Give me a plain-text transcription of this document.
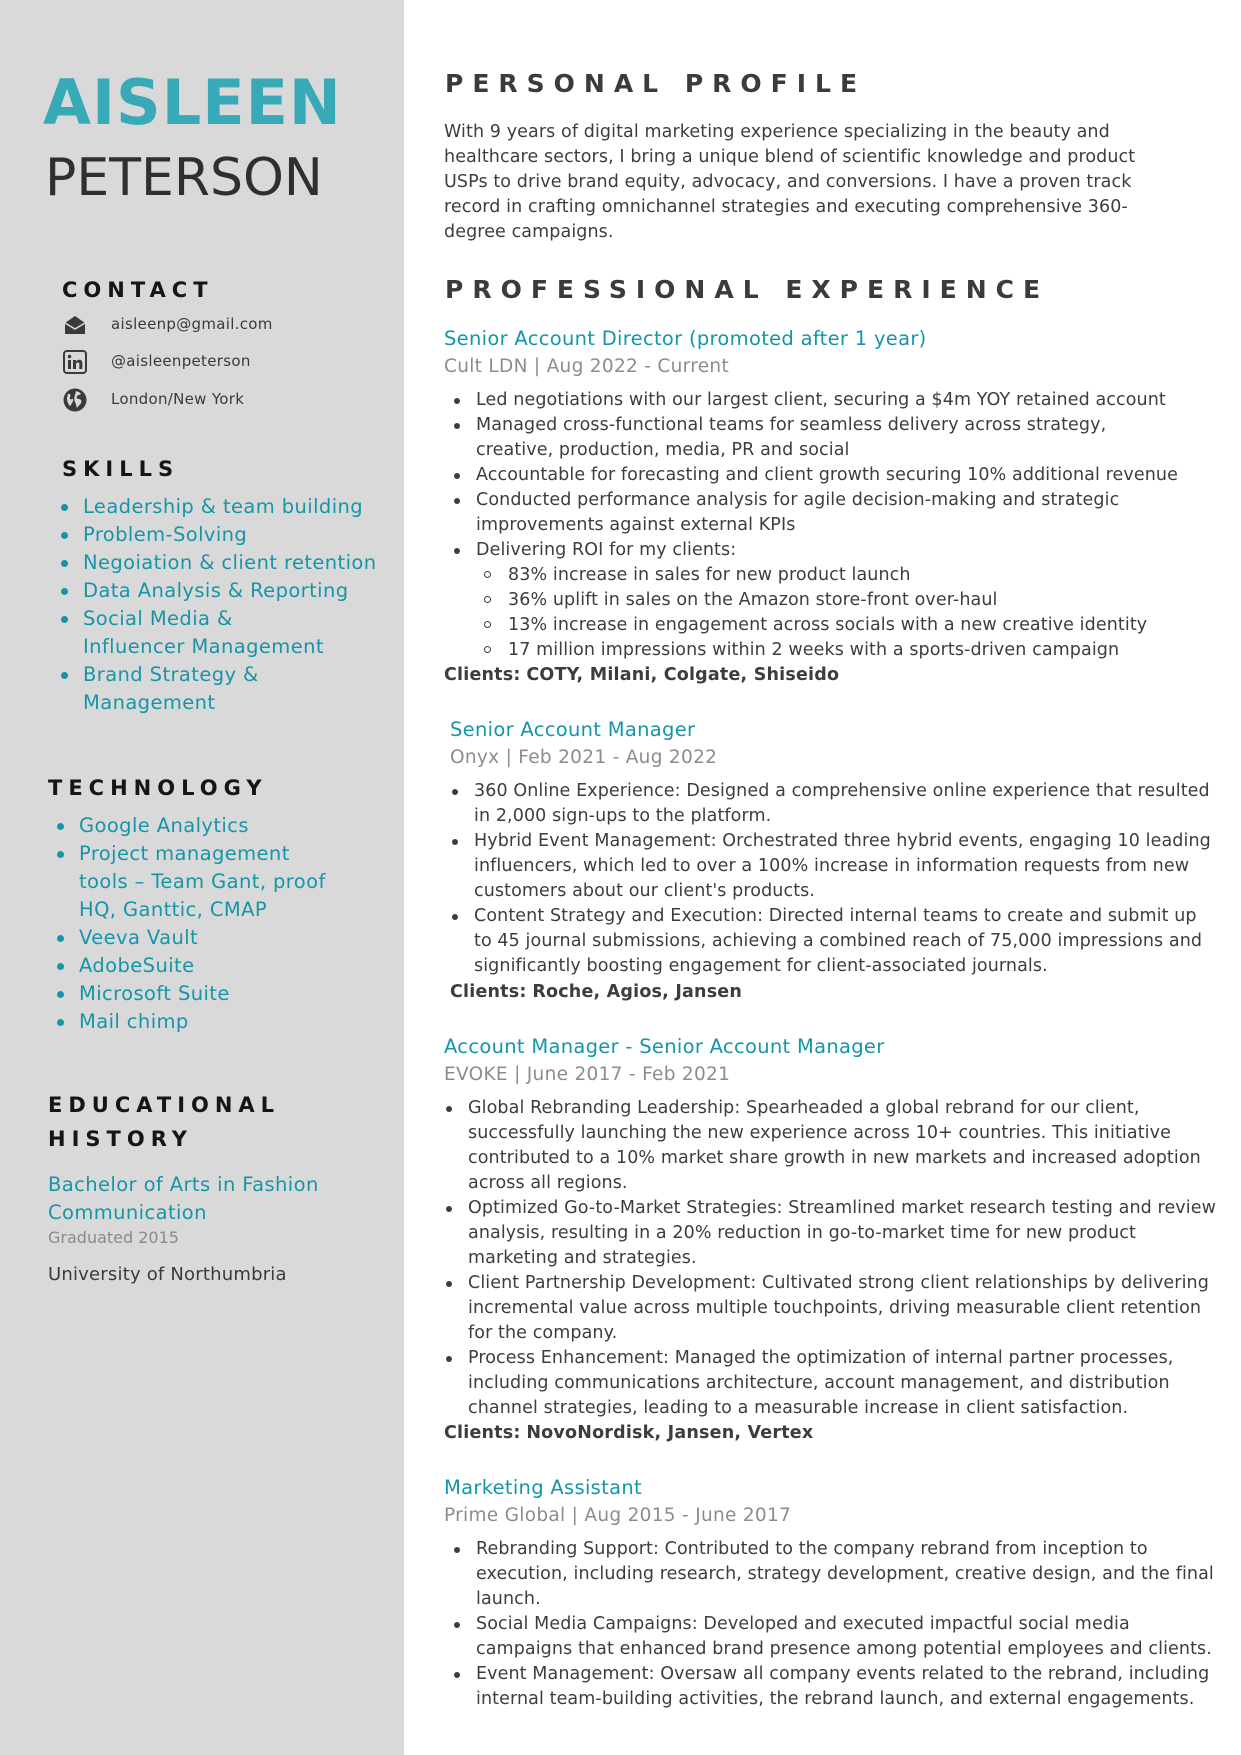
AISLEEN
PETERSON
CONTACT
aisleenp@gmail.com
@aisleenpeterson
London/New York
SKILLS
Leadership & team building
Problem-Solving
Negoiation & client retention
Data Analysis & Reporting
Social Media & Influencer Management
Brand Strategy & Management
TECHNOLOGY
Google Analytics
Project management tools – Team Gant, proof HQ, Ganttic, CMAP
Veeva Vault
AdobeSuite
Microsoft Suite
Mail chimp
EDUCATIONAL
HISTORY
Bachelor of Arts in Fashion Communication
Graduated 2015
University of Northumbria
PERSONAL PROFILE
With 9 years of digital marketing experience specializing in the beauty and healthcare sectors, I bring a unique blend of scientific knowledge and product USPs to drive brand equity, advocacy, and conversions. I have a proven track record in crafting omnichannel strategies and executing comprehensive 360-degree campaigns.
PROFESSIONAL EXPERIENCE
Senior Account Director (promoted after 1 year)
Cult LDN | Aug 2022 - Current
Led negotiations with our largest client, securing a $4m YOY retained account
Managed cross-functional teams for seamless delivery across strategy, creative, production, media, PR and social
Accountable for forecasting and client growth securing 10% additional revenue
Conducted performance analysis for agile decision-making and strategic improvements against external KPIs
Delivering ROI for my clients:
83% increase in sales for new product launch
36% uplift in sales on the Amazon store-front over-haul
13% increase in engagement across socials with a new creative identity
17 million impressions within 2 weeks with a sports-driven campaign
Clients: COTY, Milani, Colgate, Shiseido
Senior Account Manager
Onyx | Feb 2021 - Aug 2022
360 Online Experience: Designed a comprehensive online experience that resulted in 2,000 sign-ups to the platform.
Hybrid Event Management: Orchestrated three hybrid events, engaging 10 leading influencers, which led to over a 100% increase in information requests from new customers about our client's products.
Content Strategy and Execution: Directed internal teams to create and submit up to 45 journal submissions, achieving a combined reach of 75,000 impressions and significantly boosting engagement for client-associated journals.
Clients: Roche, Agios, Jansen
Account Manager - Senior Account Manager
EVOKE | June 2017 - Feb 2021
Global Rebranding Leadership: Spearheaded a global rebrand for our client, successfully launching the new experience across 10+ countries. This initiative contributed to a 10% market share growth in new markets and increased adoption across all regions.
Optimized Go-to-Market Strategies: Streamlined market research testing and review analysis, resulting in a 20% reduction in go-to-market time for new product marketing and strategies.
Client Partnership Development: Cultivated strong client relationships by delivering incremental value across multiple touchpoints, driving measurable client retention for the company.
Process Enhancement: Managed the optimization of internal partner processes, including communications architecture, account management, and distribution channel strategies, leading to a measurable increase in client satisfaction.
Clients: NovoNordisk, Jansen, Vertex
Marketing Assistant
Prime Global | Aug 2015 - June 2017
Rebranding Support: Contributed to the company rebrand from inception to execution, including research, strategy development, creative design, and the final launch.
Social Media Campaigns: Developed and executed impactful social media campaigns that enhanced brand presence among potential employees and clients.
Event Management: Oversaw all company events related to the rebrand, including internal team-building activities, the rebrand launch, and external engagements.
